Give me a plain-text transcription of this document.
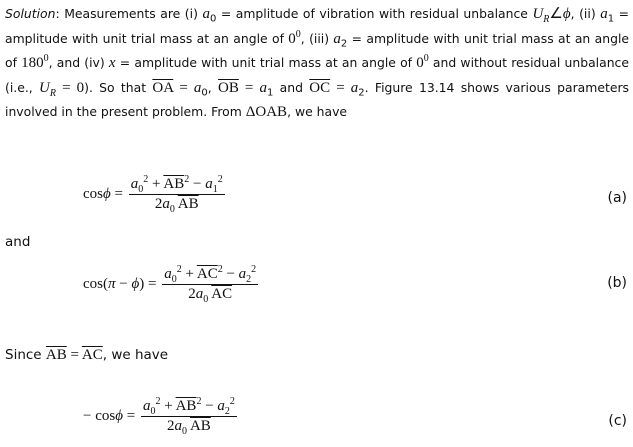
Solution: Measurements are (i) $a_0$ = amplitude of vibration with residual unbalance $U_R\angle\phi$, (ii) $a_1$ = amplitude with unit trial mass at an angle of $0^0$, (iii) $a_2$ = amplitude with unit trial mass at an angle of $180^0$, and (iv) x = amplitude with unit trial mass at an angle of $0^0$ and without residual unbalance (i.e., $U_R = 0$). So that $\overline{OA} = a_0$, $\overline{OB} = a_1$ and $\overline{OC} = a_2$. Figure 13.14 shows various parameters involved in the present problem. From ΔOAB, we have
$\cos\phi = \frac{a_0^2 + \overline{AB}^2 - a_1^2}{2a_0 \overline{AB}}$	(a)
and
$\cos(\pi - \phi) = \frac{a_0^2 + \overline{AC}^2 - a_2^2}{2a_0 \overline{AC}}$	(b)
Since $\overline{AB} = \overline{AC}$, we have
− $\cos\phi = \frac{a_0^2 + \overline{AB}^2 - a_2^2}{2a_0 \overline{AB}}$	(c)
